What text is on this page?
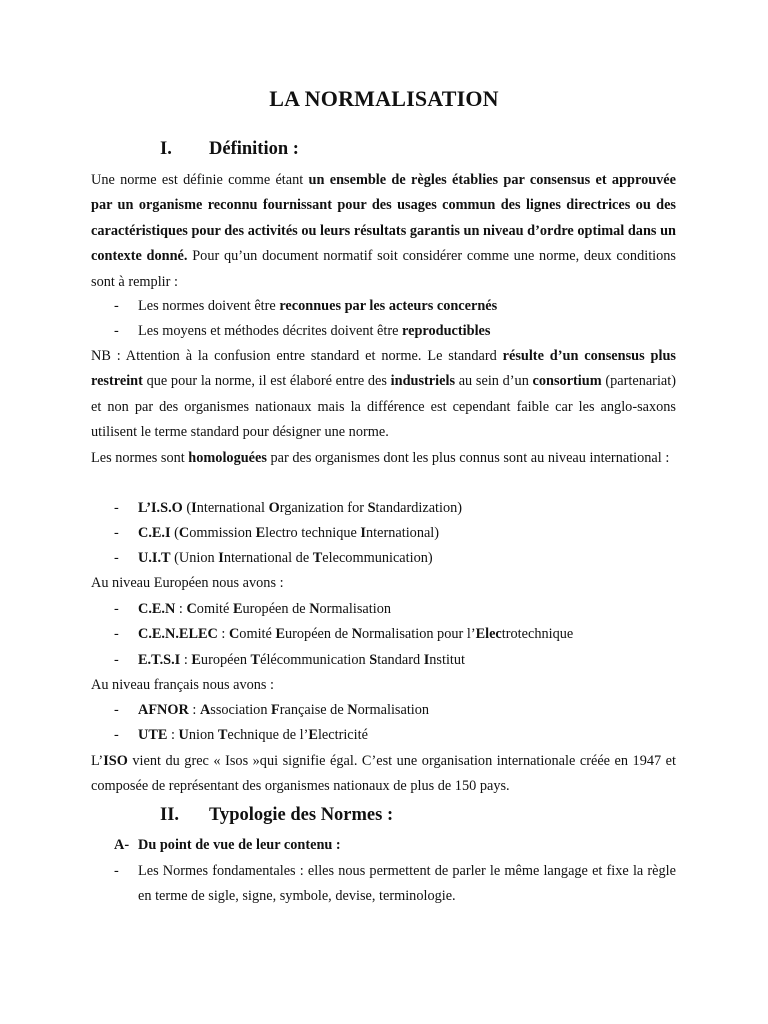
LA NORMALISATION
I. Définition :

Une norme est définie comme étant un ensemble de règles établies par consensus et approuvée par un organisme reconnu fournissant pour des usages commun des lignes directrices ou des caractéristiques pour des activités ou leurs résultats garantis un niveau d’ordre optimal dans un contexte donné. Pour qu’un document normatif soit considérer comme une norme, deux conditions sont à remplir :

- Les normes doivent être reconnues par les acteurs concernés
- Les moyens et méthodes décrites doivent être reproductibles

NB : Attention à la confusion entre standard et norme. Le standard résulte d’un consensus plus restreint que pour la norme, il est élaboré entre des industriels au sein d’un consortium (partenariat) et non par des organismes nationaux mais la différence est cependant faible car les anglo-saxons utilisent le terme standard pour désigner une norme.

Les normes sont homologuées par des organismes dont les plus connus sont au niveau international :

- L’I.S.O (International Organization for Standardization)
- C.E.I (Commission Electro technique International)
- U.I.T (Union International de Telecommunication)

Au niveau Européen nous avons :

- C.E.N : Comité Européen de Normalisation
- C.E.N.ELEC : Comité Européen de Normalisation pour l’Electrotechnique
- E.T.S.I : Européen Télécommunication Standard Institut

Au niveau français nous avons :

- AFNOR : Association Française de Normalisation
- UTE : Union Technique de l’Electricité

L’ISO vient du grec « Isos »qui signifie égal. C’est une organisation internationale créée en 1947 et composée de représentant des organismes nationaux de plus de 150 pays.

II. Typologie des Normes :
A- Du point de vue de leur contenu :
- Les Normes fondamentales : elles nous permettent de parler le même langage et fixe la règle en terme de sigle, signe, symbole, devise, terminologie.
